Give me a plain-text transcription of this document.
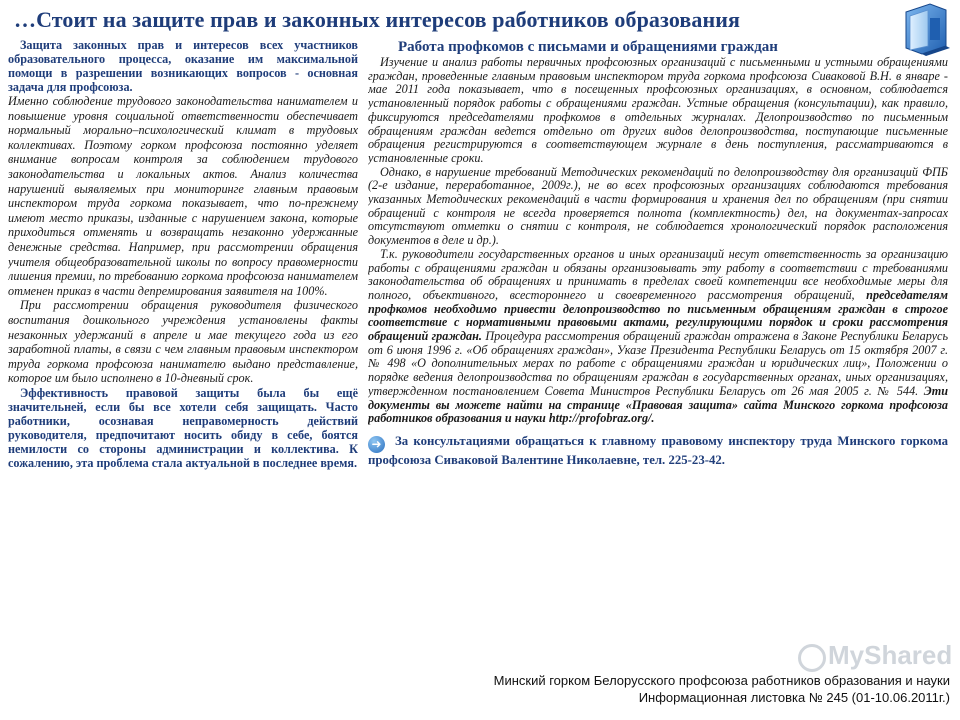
…Стоит на защите прав и законных интересов работников образования

Защита законных прав и интересов всех участников образовательного процесса, оказание им максимальной помощи в разрешении возникающих вопросов - основная задача для профсоюза.

Именно соблюдение трудового законодательства нанимателем и повышение уровня социальной ответственности обеспечивает нормальный морально–психологический климат в трудовых коллективах. Поэтому горком профсоюза постоянно уделяет внимание вопросам контроля за соблюдением трудового законодательства и локальных актов. Анализ количества нарушений выявляемых при мониторинге главным правовым инспектором труда горкома показывает, что по-прежнему имеют место приказы, изданные с нарушением закона, которые приходиться отменять и возвращать незаконно удержанные денежные средства. Например, при рассмотрении обращения учителя общеобразовательной школы по вопросу правомерности лишения премии, по требованию горкома профсоюза нанимателем отменен приказ в части депремирования заявителя на 100%.

При рассмотрении обращения руководителя физического воспитания дошкольного учреждения установлены факты незаконных удержаний в апреле и мае текущего года из его заработной платы, в связи с чем главным правовым инспектором труда горкома профсоюза нанимателю выдано представление, которое им было исполнено в 10-дневный срок.

Эффективность правовой защиты была бы ещё значительней, если бы все хотели себя защищать. Часто работники, осознавая неправомерность действий руководителя, предпочитают носить обиду в себе, боятся немилости со стороны администрации и коллектива. К сожалению, эта проблема стала актуальной в последнее время.

Работа профкомов с письмами и обращениями граждан

Изучение и анализ работы первичных профсоюзных организаций с письменными и устными обращениями граждан, проведенные главным правовым инспектором труда горкома профсоюза Сиваковой В.Н. в январе - мае 2011 года показывает, что в посещенных профсоюзных организациях, в основном, соблюдается установленный порядок работы с обращениями граждан. Устные обращения (консультации), как правило, фиксируются председателями профкомов в отдельных журналах. Делопроизводство по письменным обращениям граждан ведется отдельно от других видов делопроизводства, поступающие письменные обращения регистрируются в соответствующем журнале в день поступления, рассматриваются в установленные сроки.

Однако, в нарушение требований Методических рекомендаций по делопроизводству для организаций ФПБ (2-е издание, переработанное, 2009г.), не во всех профсоюзных организациях соблюдаются требования указанных Методических рекомендаций в части формирования и хранения дел по обращениям (при снятии обращений с контроля не всегда проверяется полнота (комплектность) дел, на документах-запросах отсутствуют отметки о снятии с контроля, не соблюдается хронологический порядок расположения документов в деле и др.).

Т.к. руководители государственных органов и иных организаций несут ответственность за организацию работы с обращениями граждан и обязаны организовывать эту работу в соответствии с требованиями законодательства об обращениях и принимать в пределах своей компетенции все необходимые меры для полного, объективного, всестороннего и своевременного рассмотрения обращений, председателям профкомов необходимо привести делопроизводство по письменным обращениям граждан в строгое соответствие с нормативными правовыми актами, регулирующими порядок и сроки рассмотрения обращений граждан. Процедура рассмотрения обращений граждан отражена в Законе Республики Беларусь от 6 июня 1996 г. «Об обращениях граждан», Указе Президента Республики Беларусь от 15 октября 2007 г. № 498 «О дополнительных мерах по работе с обращениями граждан и юридических лиц», Положении о порядке ведения делопроизводства по обращениям граждан в государственных органах, иных организациях, утвержденном постановлением Совета Министров Республики Беларусь от 26 мая 2005 г. № 544. Эти документы вы можете найти на странице «Правовая защита» сайта Минского горкома профсоюза работников образования и науки http://profobraz.org/.

➜ За консультациями обращаться к главному правовому инспектору труда Минского горкома профсоюза Сиваковой Валентине Николаевне, тел. 225-23-42.

MyShared
Минский горком Белорусского профсоюза работников образования и науки
Информационная листовка № 245 (01-10.06.2011г.)
